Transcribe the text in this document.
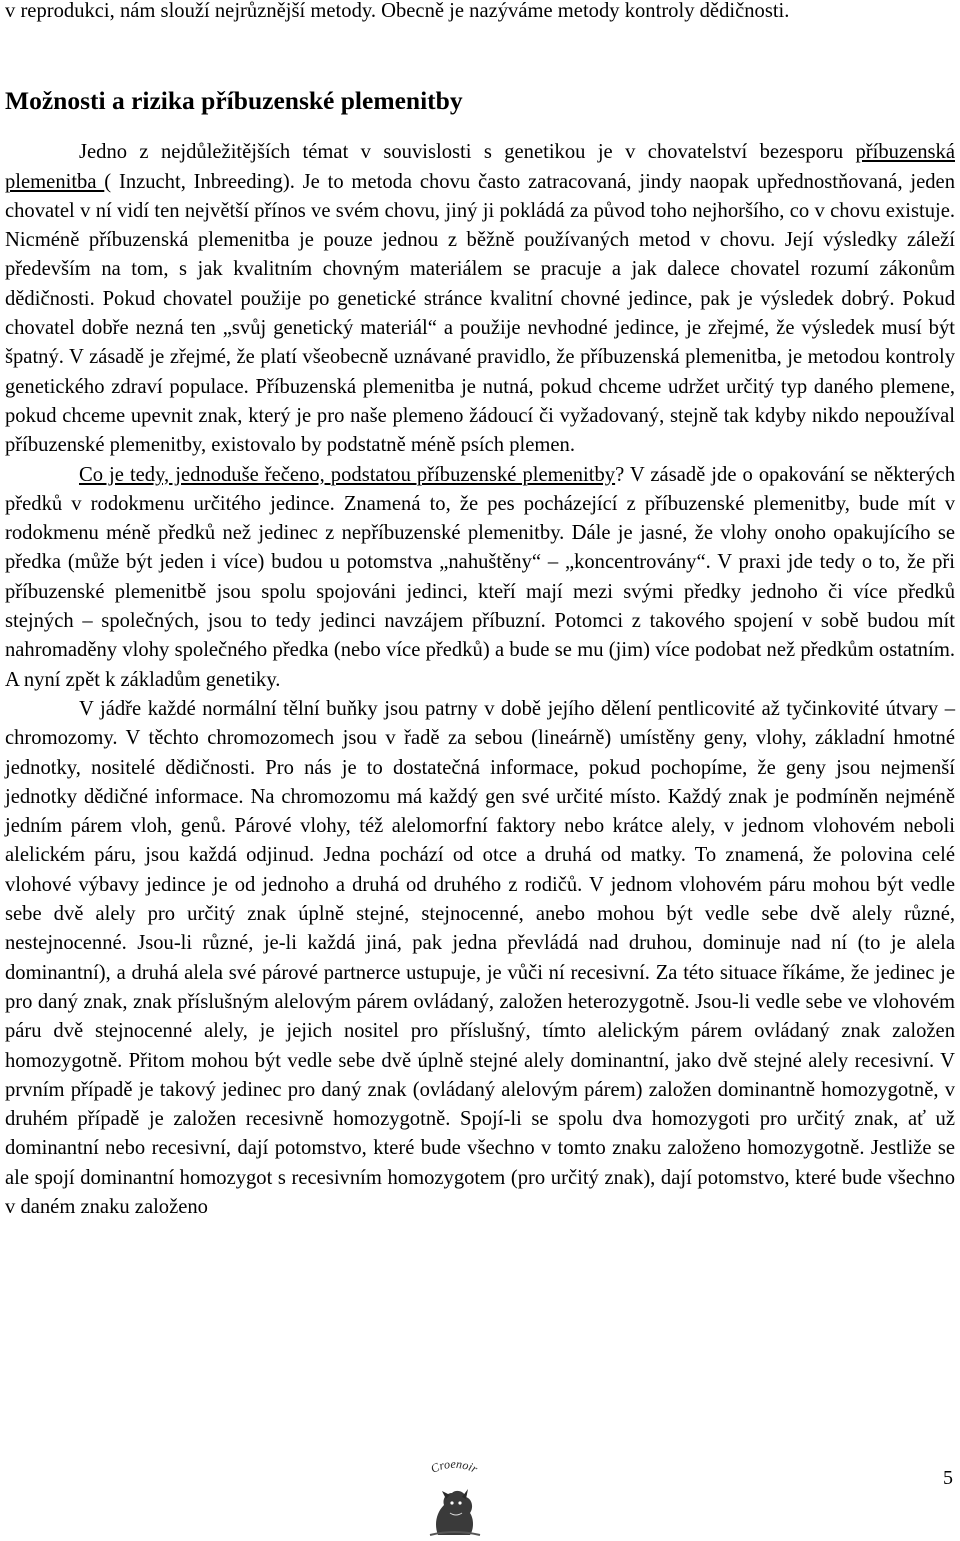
v reprodukci, nám slouží nejrůznější metody. Obecně je nazýváme metody kontroly dědičnosti.

Možnosti a rizika příbuzenské plemenitby

Jedno z nejdůležitějších témat v souvislosti s genetikou je v chovatelství bezesporu příbuzenská plemenitba ( Inzucht, Inbreeding). Je to metoda chovu často zatracovaná, jindy naopak upřednostňovaná, jeden chovatel v ní vidí ten největší přínos ve svém chovu, jiný ji pokládá za původ toho nejhoršího, co v chovu existuje. Nicméně příbuzenská plemenitba je pouze jednou z běžně používaných metod v chovu. Její výsledky záleží především na tom, s jak kvalitním chovným materiálem se pracuje a jak dalece chovatel rozumí zákonům dědičnosti. Pokud chovatel použije po genetické stránce kvalitní chovné jedince, pak je výsledek dobrý. Pokud chovatel dobře nezná ten „svůj genetický materiál“ a použije nevhodné jedince, je zřejmé, že výsledek musí být špatný. V zásadě je zřejmé, že platí všeobecně uznávané pravidlo, že příbuzenská plemenitba, je metodou kontroly genetického zdraví populace. Příbuzenská plemenitba je nutná, pokud chceme udržet určitý typ daného plemene, pokud chceme upevnit znak, který je pro naše plemeno žádoucí či vyžadovaný, stejně tak kdyby nikdo nepoužíval příbuzenské plemenitby, existovalo by podstatně méně psích plemen.

Co je tedy, jednoduše řečeno, podstatou příbuzenské plemenitby? V zásadě jde o opakování se některých předků v rodokmenu určitého jedince. Znamená to, že pes pocházející z příbuzenské plemenitby, bude mít v rodokmenu méně předků než jedinec z nepříbuzenské plemenitby. Dále je jasné, že vlohy onoho opakujícího se předka (může být jeden i více) budou u potomstva „nahuštěny“ – „koncentrovány“. V praxi jde tedy o to, že při příbuzenské plemenitbě jsou spolu spojováni jedinci, kteří mají mezi svými předky jednoho či více předků stejných – společných, jsou to tedy jedinci navzájem příbuzní. Potomci z takového spojení v sobě budou mít nahromaděny vlohy společného předka (nebo více předků) a bude se mu (jim) více podobat než předkům ostatním. A nyní zpět k základům genetiky.

V jádře každé normální tělní buňky jsou patrny v době jejího dělení pentlicovité až tyčinkovité útvary – chromozomy. V těchto chromozomech jsou v řadě za sebou (lineárně) umístěny geny, vlohy, základní hmotné jednotky, nositelé dědičnosti. Pro nás je to dostatečná informace, pokud pochopíme, že geny jsou nejmenší jednotky dědičné informace. Na chromozomu má každý gen své určité místo. Každý znak je podmíněn nejméně jedním párem vloh, genů. Párové vlohy, též alelomorfní faktory nebo krátce alely, v jednom vlohovém neboli alelickém páru, jsou každá odjinud. Jedna pochází od otce a druhá od matky. To znamená, že polovina celé vlohové výbavy jedince je od jednoho a druhá od druhého z rodičů. V jednom vlohovém páru mohou být vedle sebe dvě alely pro určitý znak úplně stejné, stejnocenné, anebo mohou být vedle sebe dvě alely různé, nestejnocenné. Jsou-li různé, je-li každá jiná, pak jedna převládá nad druhou, dominuje nad ní (to je alela dominantní), a druhá alela své párové partnerce ustupuje, je vůči ní recesivní. Za této situace říkáme, že jedinec je pro daný znak, znak příslušným alelovým párem ovládaný, založen heterozygotně. Jsou-li vedle sebe ve vlohovém páru dvě stejnocenné alely, je jejich nositel pro příslušný, tímto alelickým párem ovládaný znak založen homozygotně. Přitom mohou být vedle sebe dvě úplně stejné alely dominantní, jako dvě stejné alely recesivní. V prvním případě je takový jedinec pro daný znak (ovládaný alelovým párem) založen dominantně homozygotně, v druhém případě je založen recesivně homozygotně. Spojí-li se spolu dva homozygoti pro určitý znak, ať už dominantní nebo recesivní, dají potomstvo, které bude všechno v tomto znaku založeno homozygotně. Jestliže se ale spojí dominantní homozygot s recesivním homozygotem (pro určitý znak), dají potomstvo, které bude všechno v daném znaku založeno

Croenoir	5
